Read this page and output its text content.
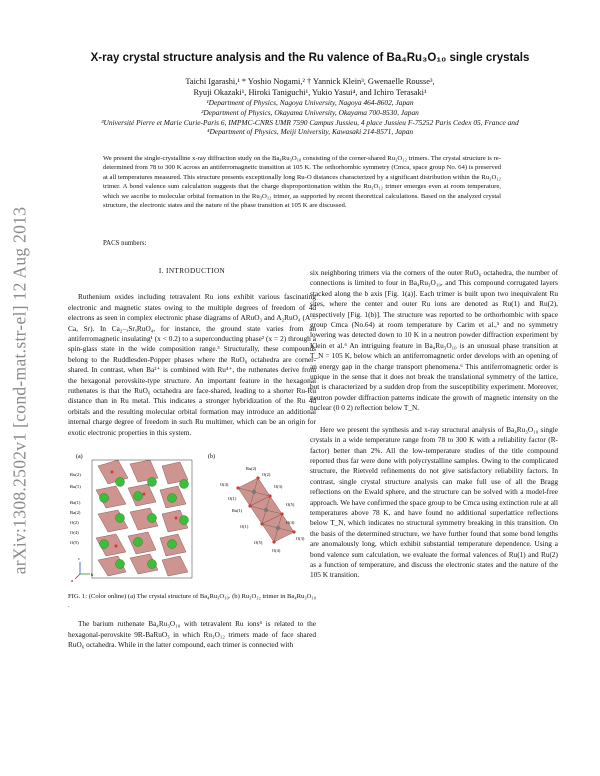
arXiv:1308.2502v1 [cond-mat.str-el] 12 Aug 2013
X-ray crystal structure analysis and the Ru valence of Ba₄Ru₃O₁₀ single crystals
Taichi Igarashi,¹ * Yoshio Nogami,² † Yannick Klein³, Gwenaelle Rousse³,
Ryuji Okazaki¹, Hiroki Taniguchi¹, Yukio Yasui⁴, and Ichiro Terasaki¹
¹Department of Physics, Nagoya University, Nagoya 464-8602, Japan
²Department of Physics, Okayama University, Okayama 700-8530, Japan
³Université Pierre et Marie Curie-Paris 6, IMPMC-CNRS UMR 7590 Campus Jussieu, 4 place Jussieu F-75252 Paris Cedex 05, France and
⁴Department of Physics, Meiji University, Kawasaki 214-8571, Japan
We present the single-crystalline x-ray diffraction study on the Ba₄Ru₃O₁₀ consisting of the corner-shared Ru₃O₁₂ trimers. The crystal structure is re-determined from 78 to 300 K across an antiferromagnetic transition at 105 K. The orthorhombic symmetry (Cmca, space group No. 64) is preserved at all temperatures measured. This structure presents exceptionally long Ru-O distances characterized by a significant distribution within the Ru₃O₁₂ trimer. A bond valence sum calculation suggests that the charge disproportionation within the Ru₃O₁₂ trimer emerges even at room temperature, which we ascribe to molecular orbital formation in the Ru₃O₁₂ trimer, as supported by recent theoretical calculations. Based on the analyzed crystal structure, the electronic states and the nature of the phase transition at 105 K are discussed.
PACS numbers:
I. INTRODUCTION

Ruthenium oxides including tetravalent Ru ions exhibit various fascinating electronic and magnetic states owing to the multiple degrees of freedom of 4d electrons as seen in complex electronic phase diagrams of ARuO₃ and A₂RuO₄ (A = Ca, Sr). In Ca₂₋ₓSrₓRuO₄, for instance, the ground state varies from an antiferromagnetic insulating¹ (x < 0.2) to a superconducting phase² (x = 2) through a spin-glass state in the wide composition range.³ Structurally, these compounds belong to the Ruddlesden-Popper phases where the RuO₆ octahedra are corner-shared. In contrast, when Ba²⁺ is combined with Ru⁴⁺, the ruthenates derive from the hexagonal perovskite-type structure. An important feature in the hexagonal ruthenates is that the RuO₆ octahedra are face-shared, leading to a shorter Ru-Ru distance than in Ru metal. This indicates a stronger hybridization of the Ru 4d orbitals and the resulting molecular orbital formation may introduce an additional internal charge degree of freedom in such Ru multimer, which can be an origin for exotic electronic properties in this system.

(a)
Ru(2)
Ru(1)
Ba(1)
Ba(2)
O(2)
O(4)
O(5)
c
b
a
(b)
Ru(2)
O(2)
O(3)
O(4)
O(1)
O(5)
Ru(1)
O(4)
O(1)
O(3)
O(5)
O(4)
FIG. 1: (Color online) (a) The crystal structure of Ba₄Ru₃O₁₀. (b) Ru₃O₁₂ trimer in Ba₄Ru₃O₁₀ .

The barium ruthenate Ba₄Ru₃O₁₀ with tetravalent Ru ions⁴ is related to the hexagonal-perovskite 9R-BaRuO₃ in which Ru₃O₁₂ trimers made of face shared RuO₆ octahedra. While in the latter compound, each trimer is connected with

six neighboring trimers via the corners of the outer RuO₆ octahedra, the number of connections is limited to four in Ba₄Ru₃O₁₀, and This compound corrugated layers stacked along the b axis [Fig. 1(a)]. Each trimer is built upon two inequivalent Ru sites, where the center and outer Ru ions are denoted as Ru(1) and Ru(2), respectively [Fig. 1(b)]. The structure was reported to be orthorhombic with space group Cmca (No.64) at room temperature by Carim et al.,⁵ and no symmetry lowering was detected down to 10 K in a neutron powder diffraction experiment by Klein et al.⁶ An intriguing feature in Ba₄Ru₃O₁₀ is an unusual phase transition at T_N = 105 K, below which an antiferromagnetic order develops with an opening of an energy gap in the charge transport phenomena.⁶ This antiferromagnetic order is unique in the sense that it does not break the translational symmetry of the lattice, but is characterized by a sudden drop from the susceptibility experiment. Moreover, neutron powder diffraction patterns indicate the growth of magnetic intensity on the nuclear (0 0 2) reflection below T_N.

Here we present the synthesis and x-ray structural analysis of Ba₄Ru₃O₁₀ single crystals in a wide temperature range from 78 to 300 K with a reliability factor (R-factor) better than 2%. All the low-temperature studies of the title compound reported thus far were done with polycrystalline samples. Owing to the complicated structure, the Rietveld refinements do not give satisfactory reliability factors. In contrast, single crystal structure analysis can make full use of all the Bragg reflections on the Ewald sphere, and the structure can be solved with a model-free approach. We have confirmed the space group to be Cmca using extinction rule at all temperatures above 78 K, and have found no additional superlattice reflections below T_N, which indicates no structural symmetry breaking in this transition. On the basis of the determined structure, we have further found that some bond lengths are anomalously long, which exhibit substantial temperature dependence. Using a bond valence sum calculation, we evaluate the formal valences of Ru(1) and Ru(2) as a function of temperature, and discuss the electronic states and the nature of the 105 K transition.
